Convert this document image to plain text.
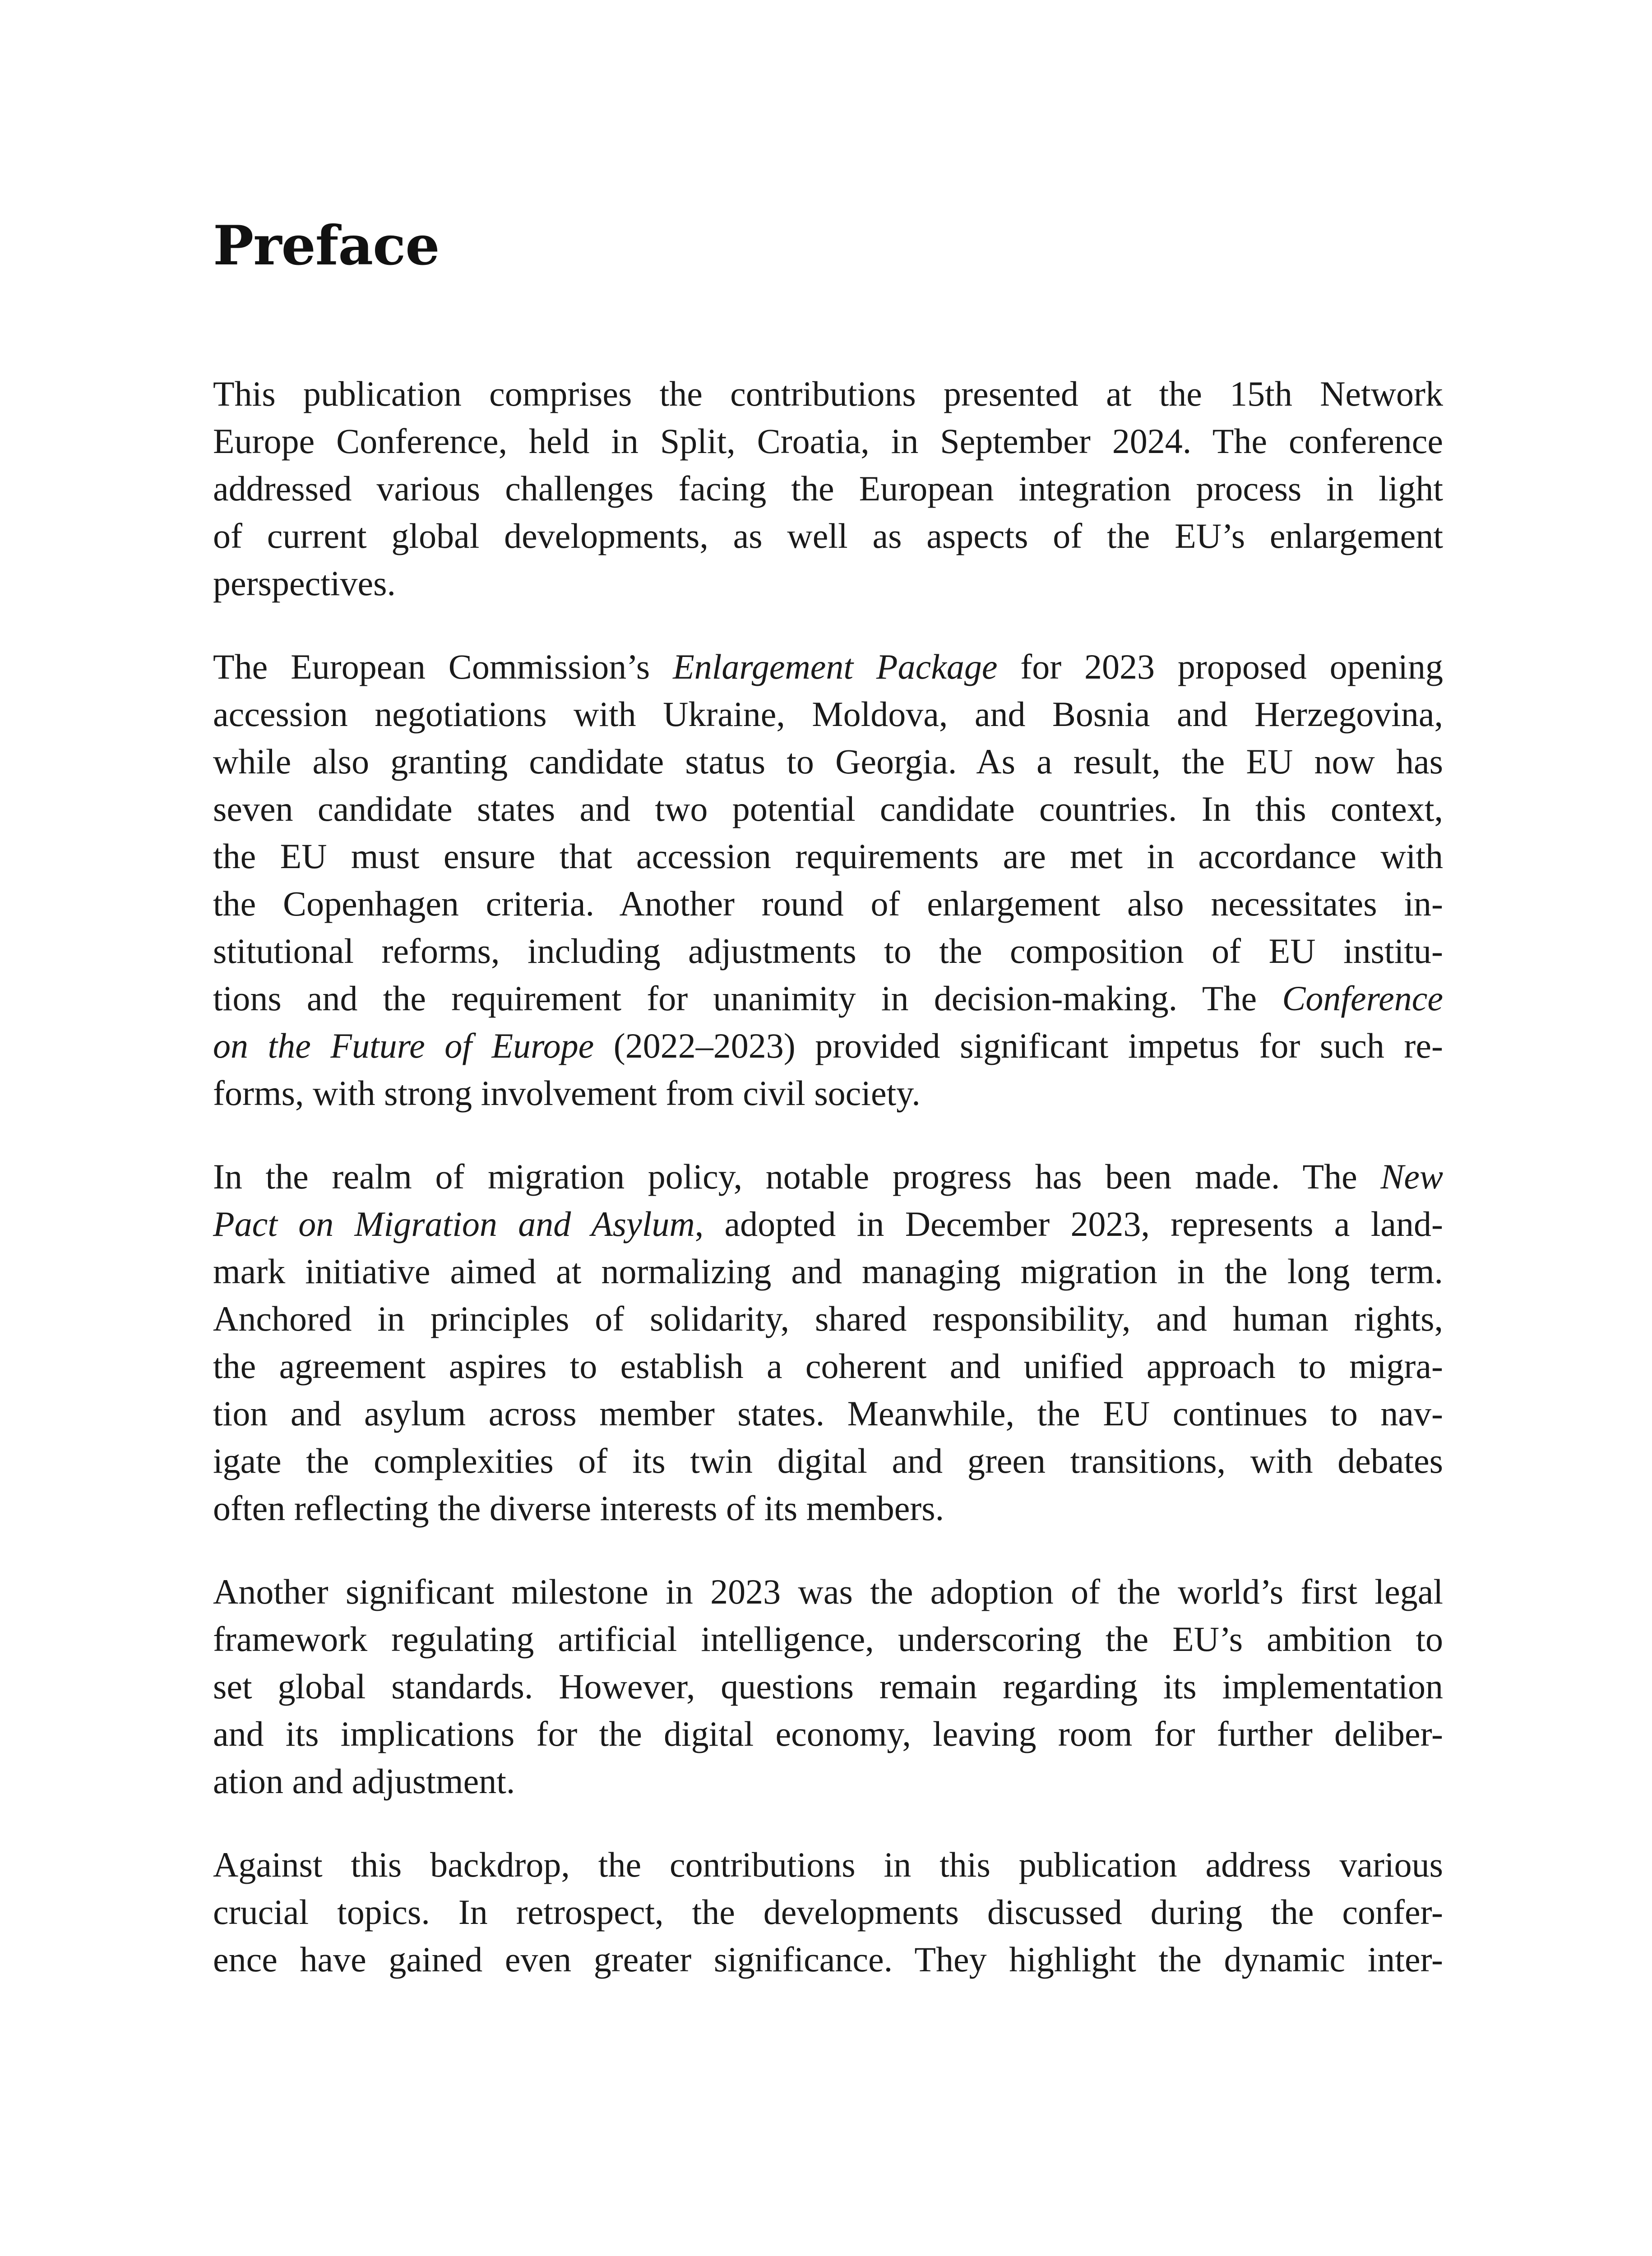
Preface

This publication comprises the contributions presented at the 15th Network
Europe Conference, held in Split, Croatia, in September 2024. The conference
addressed various challenges facing the European integration process in light
of current global developments, as well as aspects of the EU’s enlargement
perspectives.

The European Commission’s Enlargement Package for 2023 proposed opening
accession negotiations with Ukraine, Moldova, and Bosnia and Herzegovina,
while also granting candidate status to Georgia. As a result, the EU now has
seven candidate states and two potential candidate countries. In this context,
the EU must ensure that accession requirements are met in accordance with
the Copenhagen criteria. Another round of enlargement also necessitates in-
stitutional reforms, including adjustments to the composition of EU institu-
tions and the requirement for unanimity in decision-making. The Conference
on the Future of Europe (2022–2023) provided significant impetus for such re-
forms, with strong involvement from civil society.

In the realm of migration policy, notable progress has been made. The New
Pact on Migration and Asylum, adopted in December 2023, represents a land-
mark initiative aimed at normalizing and managing migration in the long term.
Anchored in principles of solidarity, shared responsibility, and human rights,
the agreement aspires to establish a coherent and unified approach to migra-
tion and asylum across member states. Meanwhile, the EU continues to nav-
igate the complexities of its twin digital and green transitions, with debates
often reflecting the diverse interests of its members.

Another significant milestone in 2023 was the adoption of the world’s first legal
framework regulating artificial intelligence, underscoring the EU’s ambition to
set global standards. However, questions remain regarding its implementation
and its implications for the digital economy, leaving room for further deliber-
ation and adjustment.

Against this backdrop, the contributions in this publication address various
crucial topics. In retrospect, the developments discussed during the confer-
ence have gained even greater significance. They highlight the dynamic inter-
